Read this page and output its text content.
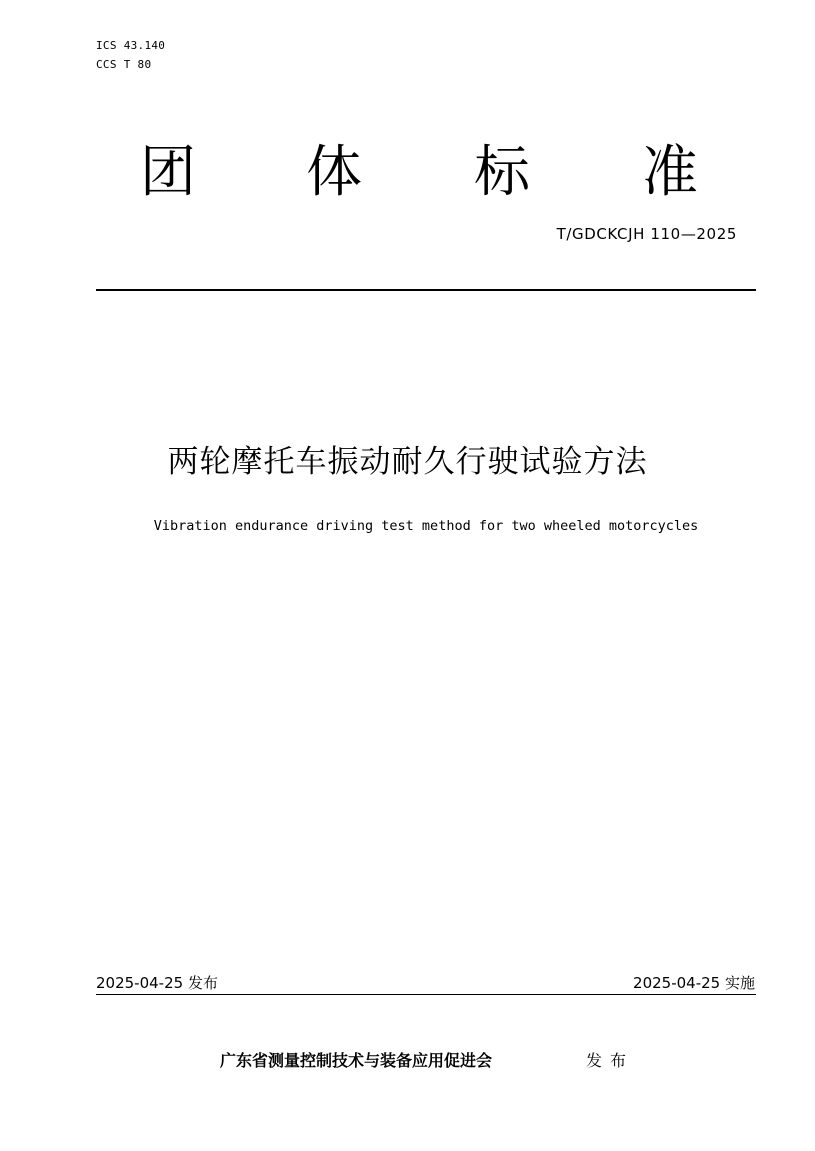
ICS 43.140
CCS T 80
团 体 标 准
T/GDCKCJH 110—2025
两轮摩托车振动耐久行驶试验方法
Vibration endurance driving test method for two wheeled motorcycles
2025-04-25 发布	2025-04-25 实施
广东省测量控制技术与装备应用促进会	发布
